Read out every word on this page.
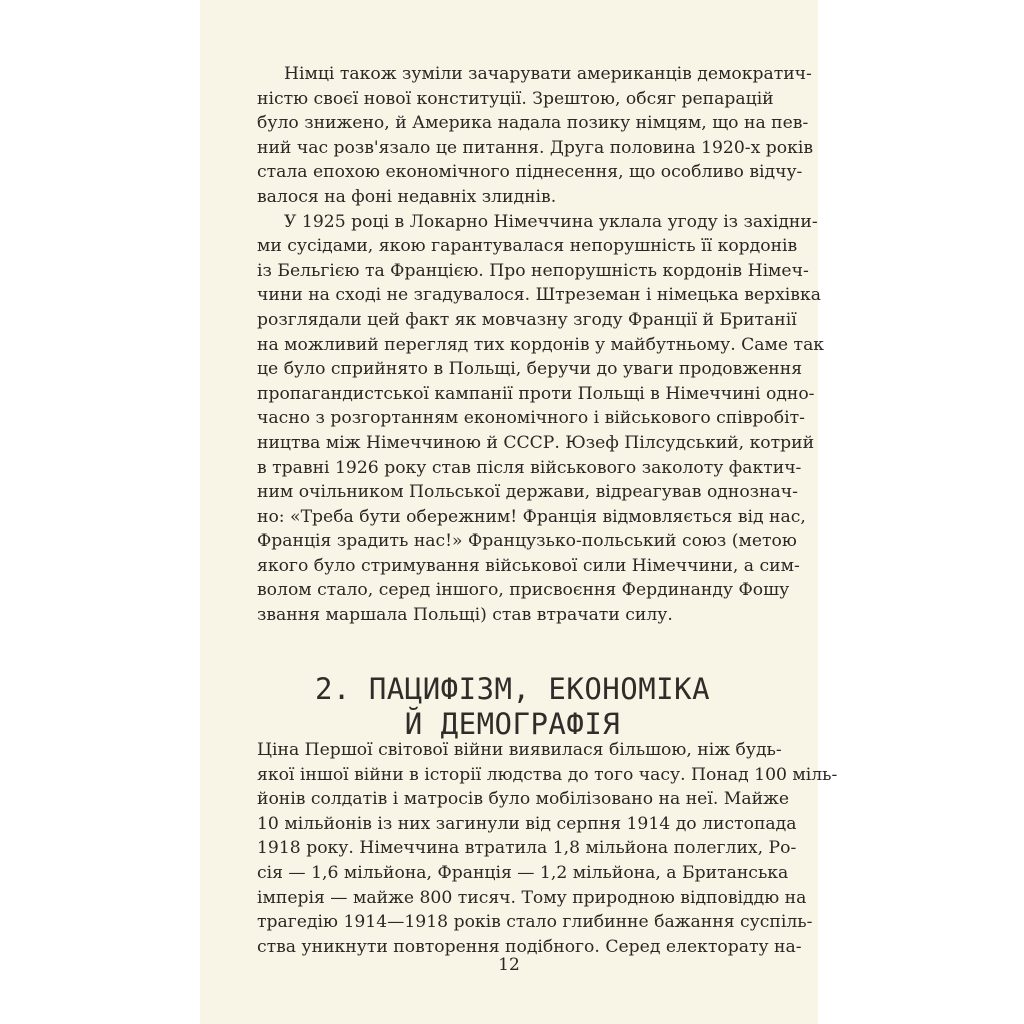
Німці також зуміли зачарувати американців демократич-
ністю своєї нової конституції. Зрештою, обсяг репарацій
було знижено, й Америка надала позику німцям, що на пев-
ний час розв'язало це питання. Друга половина 1920-х років
стала епохою економічного піднесення, що особливо відчу-
валося на фоні недавніх злиднів.

У 1925 році в Локарно Німеччина уклала угоду із західни-
ми сусідами, якою гарантувалася непорушність її кордонів
із Бельгією та Францією. Про непорушність кордонів Німеч-
чини на сході не згадувалося. Штреземан і німецька верхівка
розглядали цей факт як мовчазну згоду Франції й Британії
на можливий перегляд тих кордонів у майбутньому. Саме так
це було сприйнято в Польщі, беручи до уваги продовження
пропагандистської кампанії проти Польщі в Німеччині одно-
часно з розгортанням економічного і військового співробіт-
ництва між Німеччиною й СССР. Юзеф Пілсудський, котрий
в травні 1926 року став після військового заколоту фактич-
ним очільником Польської держави, відреагував однознач-
но: «Треба бути обережним! Франція відмовляється від нас,
Франція зрадить нас!» Французько-польський союз (метою
якого було стримування військової сили Німеччини, а сим-
волом стало, серед іншого, присвоєння Фердинанду Фошу
звання маршала Польщі) став втрачати силу.

2. ПАЦИФІЗМ, ЕКОНОМІКА
Й ДЕМОГРАФІЯ

Ціна Першої світової війни виявилася більшою, ніж будь-
якої іншої війни в історії людства до того часу. Понад 100 міль-
йонів солдатів і матросів було мобілізовано на неї. Майже
10 мільйонів із них загинули від серпня 1914 до листопада
1918 року. Німеччина втратила 1,8 мільйона полеглих, Ро-
сія — 1,6 мільйона, Франція — 1,2 мільйона, а Британська
імперія — майже 800 тисяч. Тому природною відповіддю на
трагедію 1914—1918 років стало глибинне бажання суспіль-
ства уникнути повторення подібного. Серед електорату на-

12
